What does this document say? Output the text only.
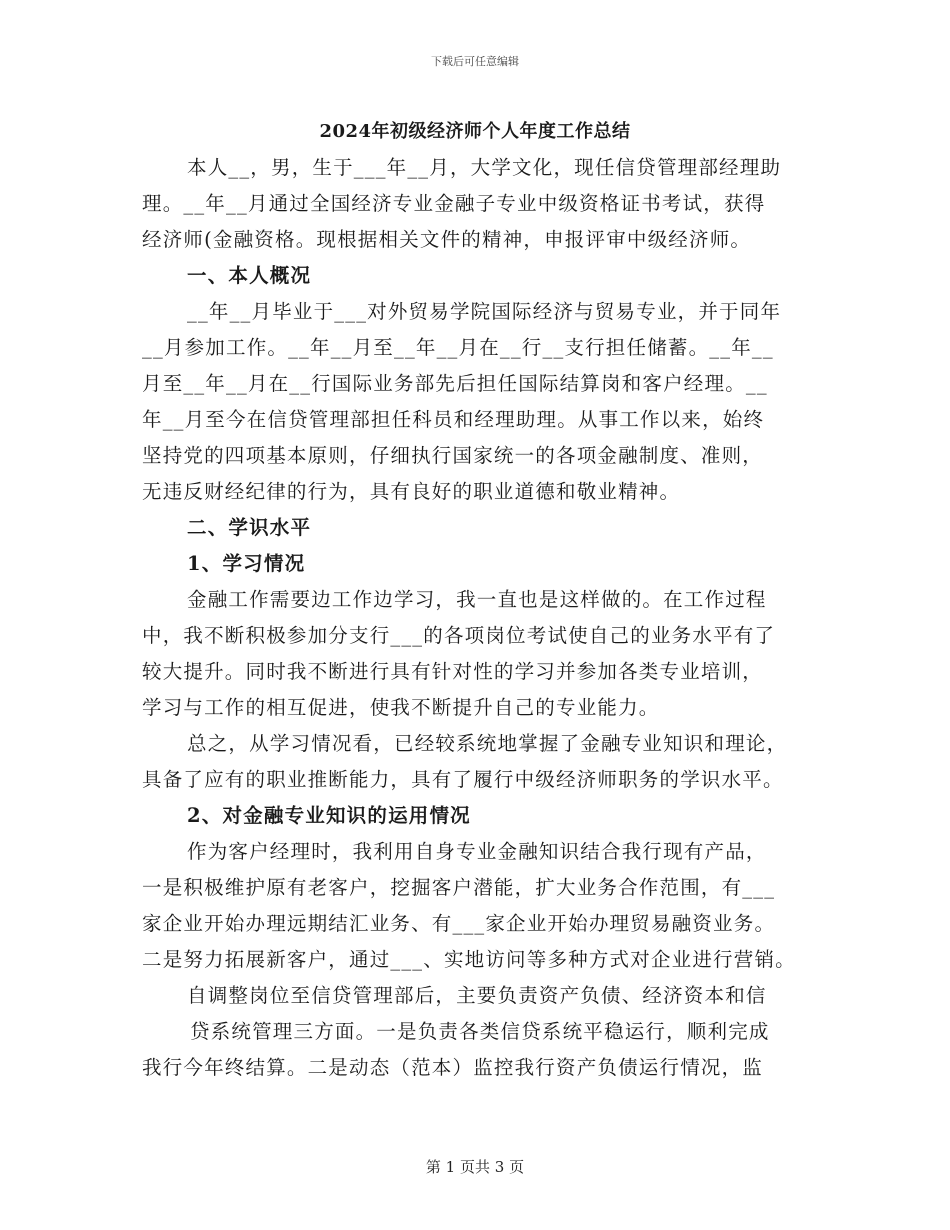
下载后可任意编辑
2024年初级经济师个人年度工作总结
本人__，男，生于___年__月，大学文化，现任信贷管理部经理助
理。__年__月通过全国经济专业金融子专业中级资格证书考试，获得
经济师(金融资格。现根据相关文件的精神，申报评审中级经济师。
一、本人概况
__年__月毕业于___对外贸易学院国际经济与贸易专业，并于同年
__月参加工作。__年__月至__年__月在__行__支行担任储蓄。__年__
月至__年__月在__行国际业务部先后担任国际结算岗和客户经理。__
年__月至今在信贷管理部担任科员和经理助理。从事工作以来，始终
坚持党的四项基本原则，仔细执行国家统一的各项金融制度、准则，
无违反财经纪律的行为，具有良好的职业道德和敬业精神。
二、学识水平
1、学习情况
金融工作需要边工作边学习，我一直也是这样做的。在工作过程
中，我不断积极参加分支行___的各项岗位考试使自己的业务水平有了
较大提升。同时我不断进行具有针对性的学习并参加各类专业培训，
学习与工作的相互促进，使我不断提升自己的专业能力。
总之，从学习情况看，已经较系统地掌握了金融专业知识和理论，
具备了应有的职业推断能力，具有了履行中级经济师职务的学识水平。
2、对金融专业知识的运用情况
作为客户经理时，我利用自身专业金融知识结合我行现有产品，
一是积极维护原有老客户，挖掘客户潜能，扩大业务合作范围，有___
家企业开始办理远期结汇业务、有___家企业开始办理贸易融资业务。
二是努力拓展新客户，通过___、实地访问等多种方式对企业进行营销。
自调整岗位至信贷管理部后，主要负责资产负债、经济资本和信
贷系统管理三方面。一是负责各类信贷系统平稳运行，顺利完成
我行今年终结算。二是动态（范本）监控我行资产负债运行情况，监
第 1 页共 3 页
